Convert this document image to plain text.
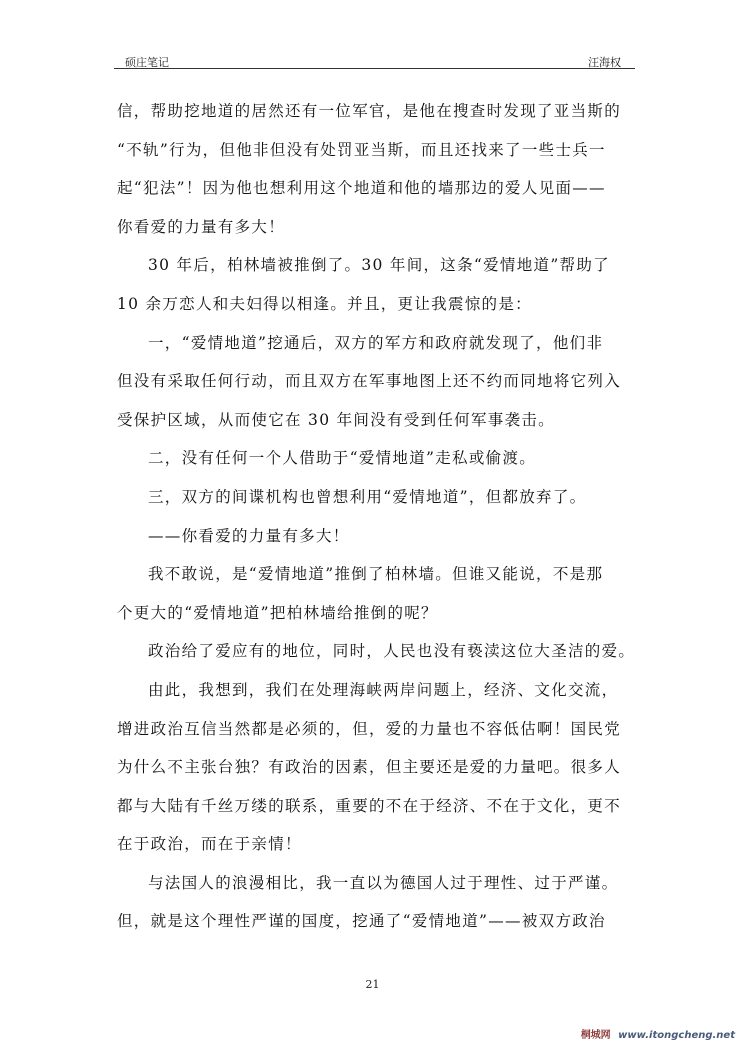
硕庄笔记	汪海权
信，帮助挖地道的居然还有一位军官，是他在搜查时发现了亚当斯的
“不轨”行为，但他非但没有处罚亚当斯，而且还找来了一些士兵一
起“犯法”！因为他也想利用这个地道和他的墙那边的爱人见面——
你看爱的力量有多大！
30 年后，柏林墙被推倒了。30 年间，这条“爱情地道”帮助了
10 余万恋人和夫妇得以相逢。并且，更让我震惊的是：
一，“爱情地道”挖通后，双方的军方和政府就发现了，他们非
但没有采取任何行动，而且双方在军事地图上还不约而同地将它列入
受保护区域，从而使它在 30 年间没有受到任何军事袭击。
二，没有任何一个人借助于“爱情地道”走私或偷渡。
三，双方的间谍机构也曾想利用“爱情地道”，但都放弃了。
——你看爱的力量有多大！
我不敢说，是“爱情地道”推倒了柏林墙。但谁又能说，不是那
个更大的“爱情地道”把柏林墙给推倒的呢？
政治给了爱应有的地位，同时，人民也没有亵渎这位大圣洁的爱。
由此，我想到，我们在处理海峡两岸问题上，经济、文化交流，
增进政治互信当然都是必须的，但，爱的力量也不容低估啊！国民党
为什么不主张台独？有政治的因素，但主要还是爱的力量吧。很多人
都与大陆有千丝万缕的联系，重要的不在于经济、不在于文化，更不
在于政治，而在于亲情！
与法国人的浪漫相比，我一直以为德国人过于理性、过于严谨。
但，就是这个理性严谨的国度，挖通了“爱情地道”——被双方政治
21
桐城网 www.itongcheng.net
